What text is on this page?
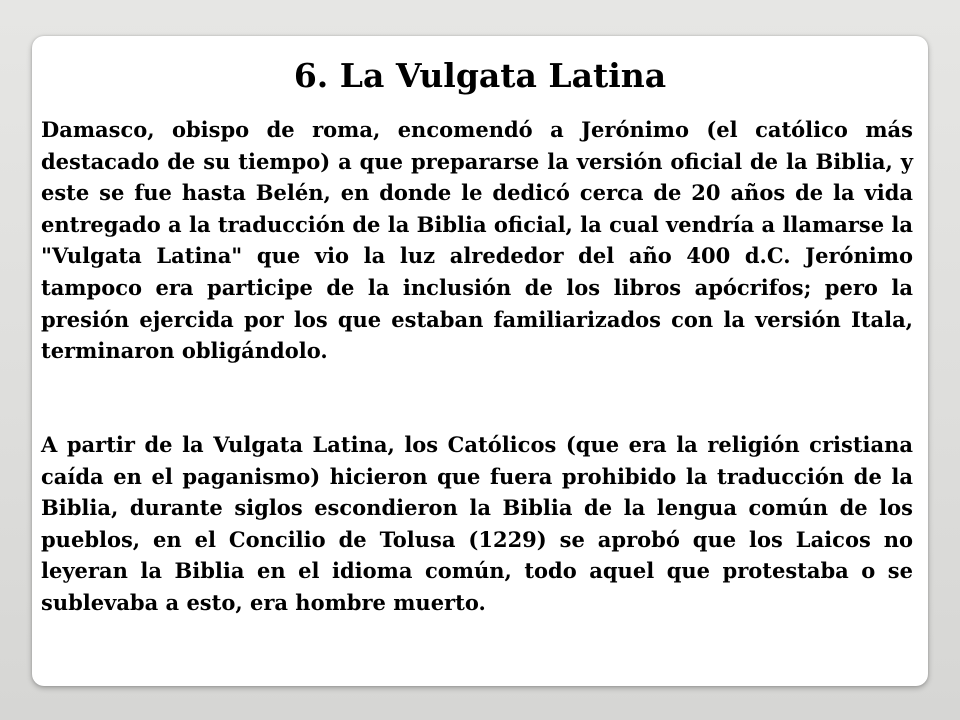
6. La Vulgata Latina

Damasco, obispo de roma, encomendó a Jerónimo (el católico más destacado de su tiempo) a que prepararse la versión oficial de la Biblia, y este se fue hasta Belén, en donde le dedicó cerca de 20 años de la vida entregado a la traducción de la Biblia oficial, la cual vendría a llamarse la "Vulgata Latina" que vio la luz alrededor del año 400 d.C. Jerónimo tampoco era participe de la inclusión de los libros apócrifos; pero la presión ejercida por los que estaban familiarizados con la versión Itala, terminaron obligándolo.

A partir de la Vulgata Latina, los Católicos (que era la religión cristiana caída en el paganismo) hicieron que fuera prohibido la traducción de la Biblia, durante siglos escondieron la Biblia de la lengua común de los pueblos, en el Concilio de Tolusa (1229) se aprobó que los Laicos no leyeran la Biblia en el idioma común, todo aquel que protestaba o se sublevaba a esto, era hombre muerto.
